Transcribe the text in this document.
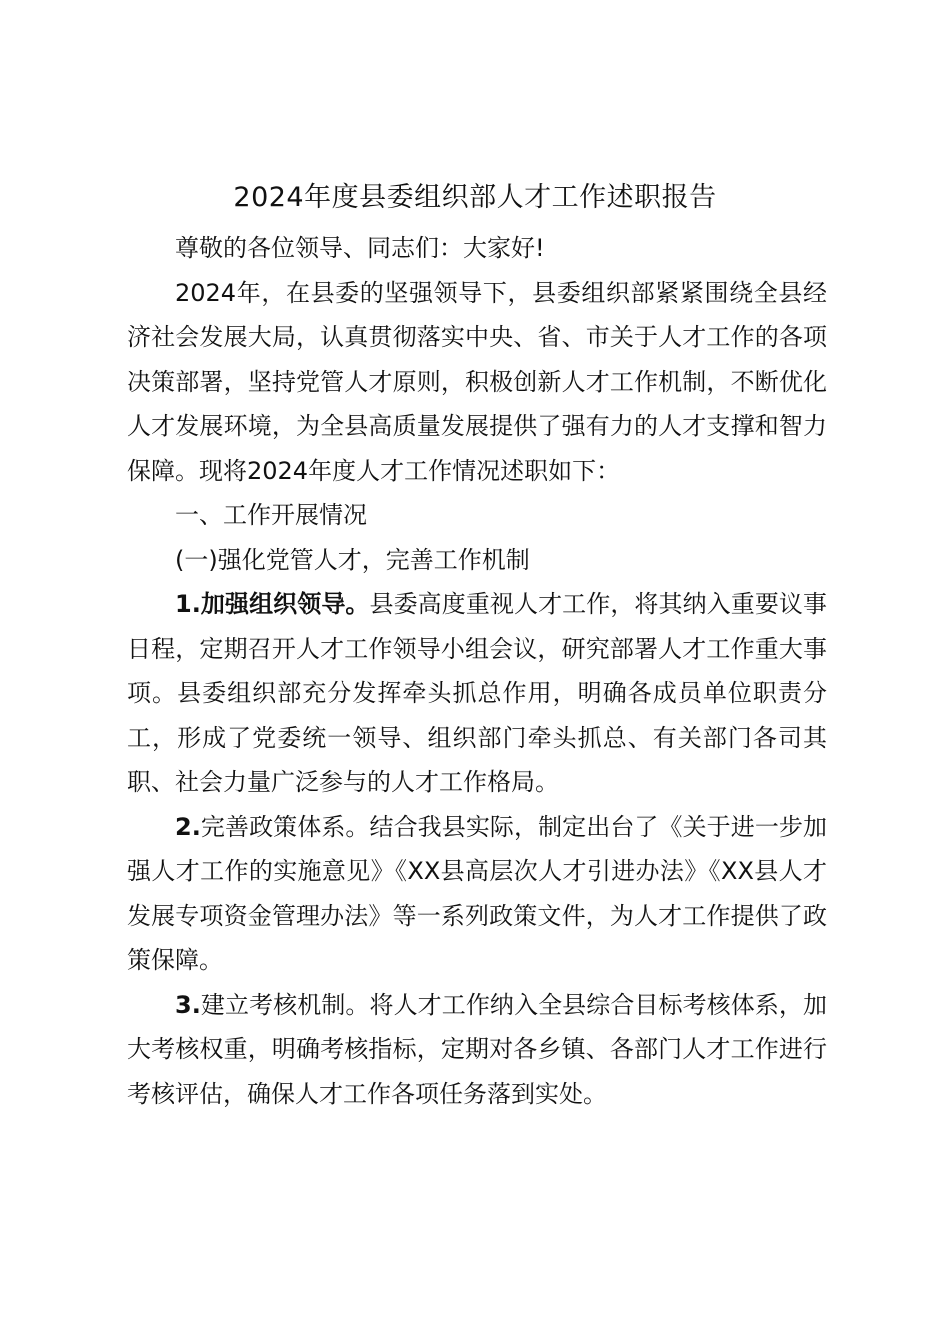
2024年度县委组织部人才工作述职报告

尊敬的各位领导、同志们：大家好!

2024年，在县委的坚强领导下，县委组织部紧紧围绕全县经济社会发展大局，认真贯彻落实中央、省、市关于人才工作的各项决策部署，坚持党管人才原则，积极创新人才工作机制，不断优化人才发展环境，为全县高质量发展提供了强有力的人才支撑和智力保障。现将2024年度人才工作情况述职如下：

一、工作开展情况

(一)强化党管人才，完善工作机制

1.加强组织领导。县委高度重视人才工作，将其纳入重要议事日程，定期召开人才工作领导小组会议，研究部署人才工作重大事项。县委组织部充分发挥牵头抓总作用，明确各成员单位职责分工，形成了党委统一领导、组织部门牵头抓总、有关部门各司其职、社会力量广泛参与的人才工作格局。

2.完善政策体系。结合我县实际，制定出台了《关于进一步加强人才工作的实施意见》《XX县高层次人才引进办法》《XX县人才发展专项资金管理办法》等一系列政策文件，为人才工作提供了政策保障。

3.建立考核机制。将人才工作纳入全县综合目标考核体系，加大考核权重，明确考核指标，定期对各乡镇、各部门人才工作进行考核评估，确保人才工作各项任务落到实处。
